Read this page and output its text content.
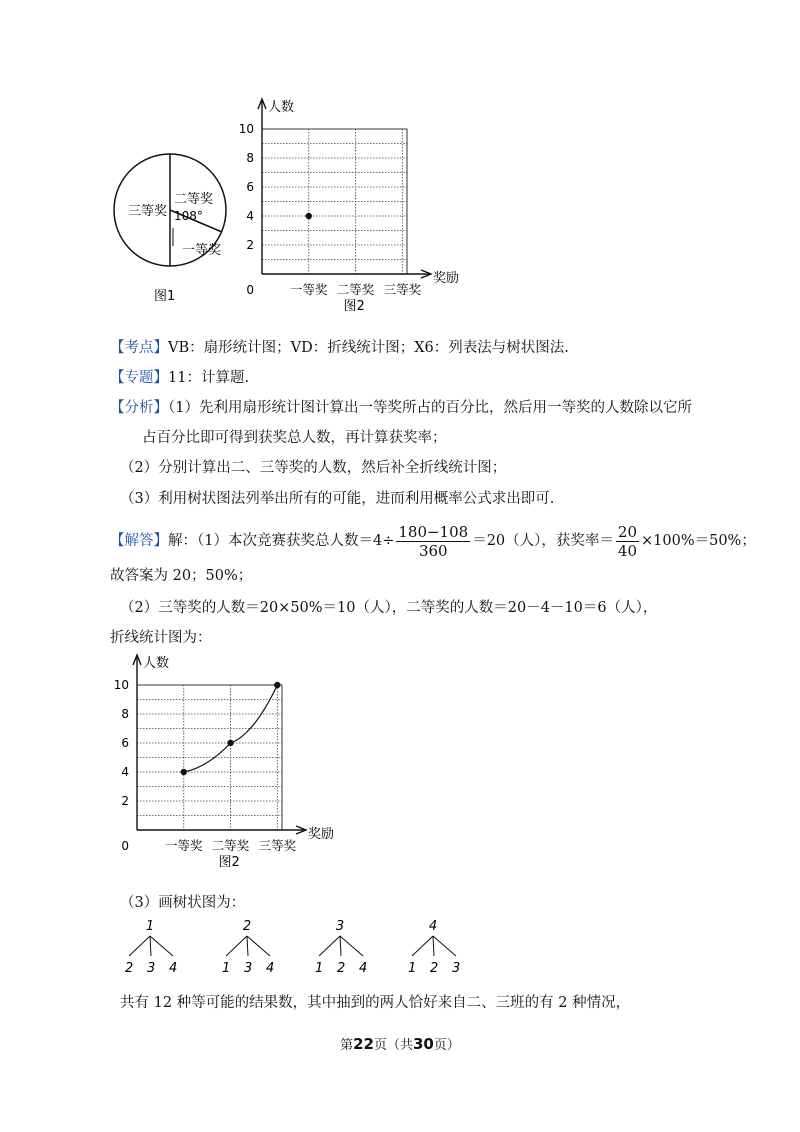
三等奖
二等奖
108°
一等奖
图1
10
8
6
4
2
一等奖 二等奖 三等奖
人数
奖励
0
图2
【考点】VB：扇形统计图；VD：折线统计图；X6：列表法与树状图法.
【专题】11：计算题.
【分析】（1）先利用扇形统计图计算出一等奖所占的百分比，然后用一等奖的人数除以它所
占百分比即可得到获奖总人数，再计算获奖率；
（2）分别计算出二、三等奖的人数，然后补全折线统计图；
（3）利用树状图法列举出所有的可能，进而利用概率公式求出即可.
【解答】 解：（1）本次竞赛获奖总人数$=4\div \frac{180-108}{360} =20$（人），获奖率＝ $\frac{20}{40} \times 100\%=50\%$；
故答案为 20；50%；
（2）三等奖的人数＝20×50%＝10（人），二等奖的人数＝20－4－10＝6（人），
折线统计图为：
10
8
6
4
2
一等奖 二等奖 三等奖
人数
奖励
0
图2
（3）画树状图为：
1
2 3 4
2
1 3 4
3
1 2 4
4
1 2 3
共有 12 种等可能的结果数，其中抽到的两人恰好来自二、三班的有 2 种情况，
第22页（共30页）
